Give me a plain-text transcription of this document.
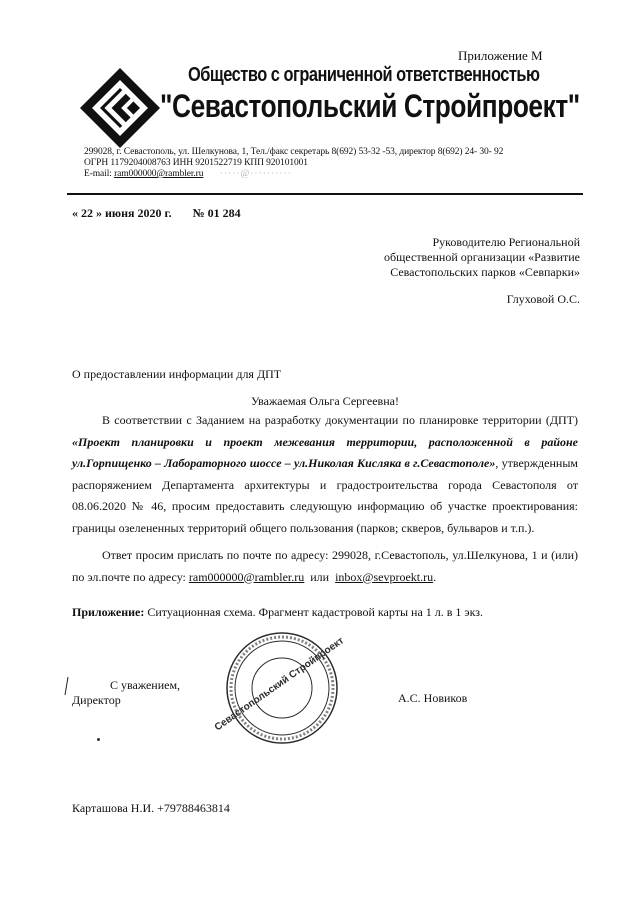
Приложение М
Общество с ограниченной ответственностью
"Севастопольский Стройпроект"
299028, г. Севастополь, ул. Шелкунова, 1, Тел./факс секретарь 8(692) 53-32 -53, директор 8(692) 24- 30- 92
ОГРН 1179204008763 ИНН 9201522719 КПП 920101001
E-mail: ram000000@rambler.ru ·····@··········
« 22 » июня 2020 г. № 01 284
Руководителю Региональной
общественной организации «Развитие
Севастопольских парков «Севпарки»
Глуховой О.С.
О предоставлении информации для ДПТ
Уважаемая Ольга Сергеевна!

В соответствии с Заданием на разработку документации по планировке территории (ДПТ) «Проект планировки и проект межевания территории, расположенной в районе ул.Горпищенко – Лабораторного шоссе – ул.Николая Кисляка в г.Севастополе», утвержденным распоряжением Департамента архитектуры и градостроительства города Севастополя от 08.06.2020 № 46, просим предоставить следующую информацию об участке проектирования: границы озелененных территорий общего пользования (парков; скверов, бульваров и т.п.).

Ответ просим прислать по почте по адресу: 299028, г.Севастополь, ул.Шелкунова, 1 и (или) по эл.почте по адресу: ram000000@rambler.ru или inbox@sevproekt.ru.

Приложение: Ситуационная схема. Фрагмент кадастровой карты на 1 л. в 1 экз.
Севастопольский Стройпроект
С уважением,
Директор	А.С. Новиков
Карташова Н.И. +79788463814
